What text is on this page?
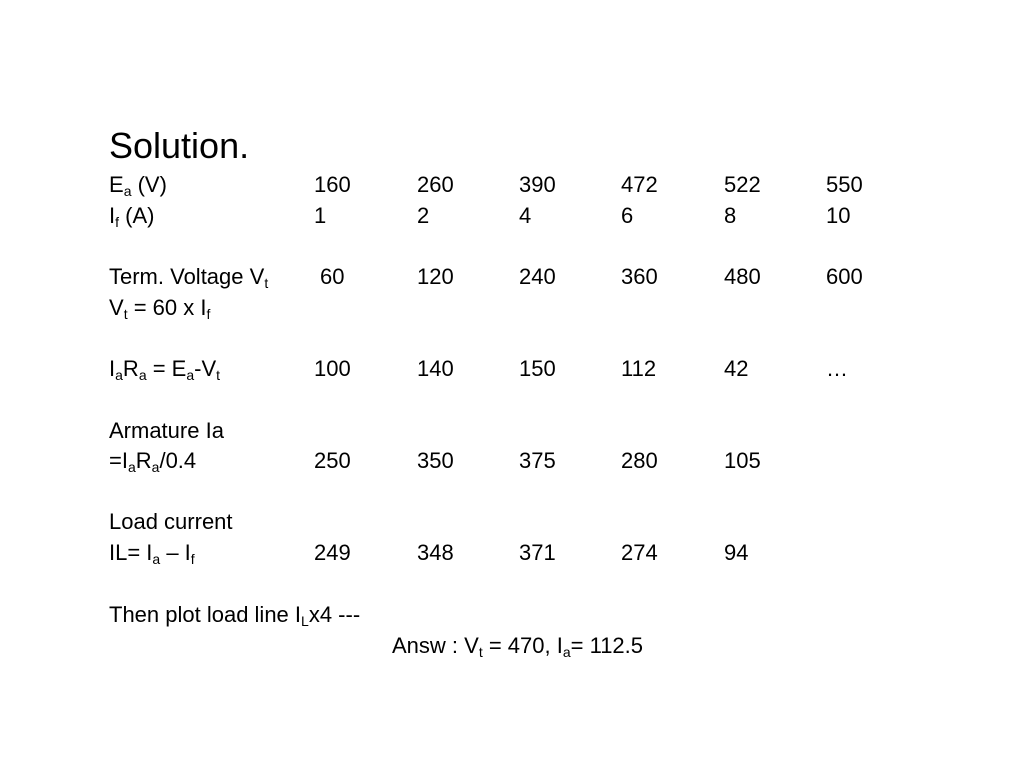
Solution.
$E_a$ (V)	160	260	390	472	522	550
$I_f$ (A)	1	2	4	6	8	10
Term. Voltage $V_t$ 60	120	240	360	480	600
$V_t = 60$ x $I_f$
$I_aR_a = E_a-V_t$	100	140	150	112	42	…
Armature Ia
$=I_aR_a/0.4$	250	350	375	280	105
Load current
$IL= I_a - I_f$	249	348	371	274	94
Then plot load line $I_Lx4$ ---
Answ : $V_t = 470$, $I_a= 112.5$
